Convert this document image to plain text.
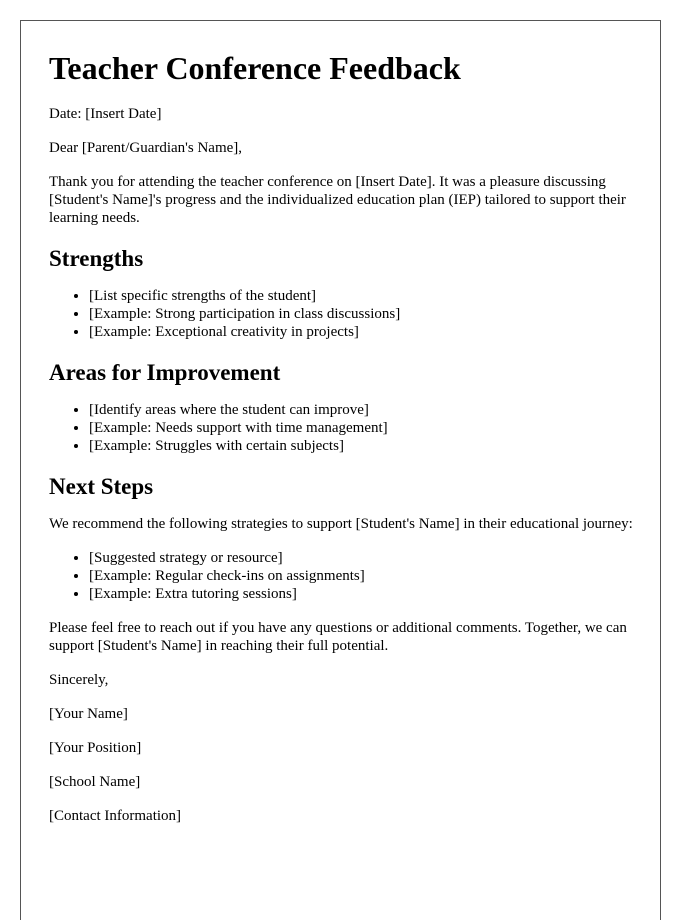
Teacher Conference Feedback

Date: [Insert Date]

Dear [Parent/Guardian's Name],

Thank you for attending the teacher conference on [Insert Date]. It was a pleasure discussing [Student's Name]'s progress and the individualized education plan (IEP) tailored to support their learning needs.

Strengths
• [List specific strengths of the student]
• [Example: Strong participation in class discussions]
• [Example: Exceptional creativity in projects]
Areas for Improvement
• [Identify areas where the student can improve]
• [Example: Needs support with time management]
• [Example: Struggles with certain subjects]
Next Steps

We recommend the following strategies to support [Student's Name] in their educational journey:

• [Suggested strategy or resource]
• [Example: Regular check-ins on assignments]
• [Example: Extra tutoring sessions]

Please feel free to reach out if you have any questions or additional comments. Together, we can support [Student's Name] in reaching their full potential.

Sincerely,

[Your Name]

[Your Position]

[School Name]

[Contact Information]
